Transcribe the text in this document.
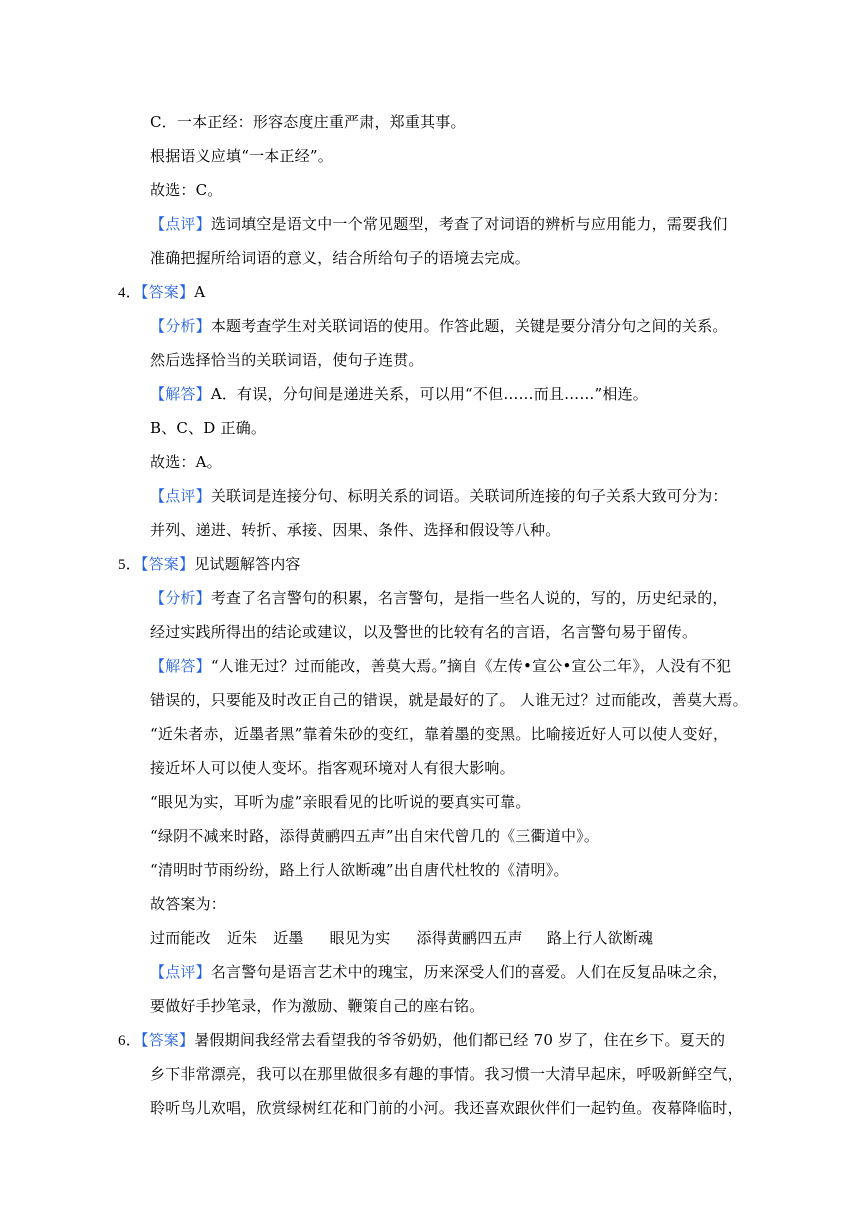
C．一本正经：形容态度庄重严肃，郑重其事。
根据语义应填“一本正经”。
故选：C。
【点评】选词填空是语文中一个常见题型，考查了对词语的辨析与应用能力，需要我们
准确把握所给词语的意义，结合所给句子的语境去完成。
4．【答案】A
【分析】本题考查学生对关联词语的使用。作答此题，关键是要分清分句之间的关系。
然后选择恰当的关联词语，使句子连贯。
【解答】A．有误，分句间是递进关系，可以用“不但……而且……”相连。
B、C、D 正确。
故选：A。
【点评】关联词是连接分句、标明关系的词语。关联词所连接的句子关系大致可分为：
并列、递进、转折、承接、因果、条件、选择和假设等八种。
5．【答案】见试题解答内容
【分析】考查了名言警句的积累，名言警句，是指一些名人说的，写的，历史纪录的，
经过实践所得出的结论或建议，以及警世的比较有名的言语，名言警句易于留传。
【解答】“人谁无过？过而能改，善莫大焉。”摘自《左传•宣公•宣公二年》，人没有不犯
错误的，只要能及时改正自己的错误，就是最好的了。 人谁无过？过而能改，善莫大焉。
“近朱者赤，近墨者黑”靠着朱砂的变红，靠着墨的变黑。比喻接近好人可以使人变好，
接近坏人可以使人变坏。指客观环境对人有很大影响。
“眼见为实，耳听为虚”亲眼看见的比听说的要真实可靠。
“绿阴不减来时路，添得黄鹂四五声”出自宋代曾几的《三衢道中》。
“清明时节雨纷纷，路上行人欲断魂”出自唐代杜牧的《清明》。
故答案为：
过而能改 近朱 近墨 眼见为实 添得黄鹂四五声 路上行人欲断魂
【点评】名言警句是语言艺术中的瑰宝，历来深受人们的喜爱。人们在反复品味之余，
要做好手抄笔录，作为激励、鞭策自己的座右铭。
6．【答案】暑假期间我经常去看望我的爷爷奶奶，他们都已经 70 岁了，住在乡下。夏天的
乡下非常漂亮，我可以在那里做很多有趣的事情。我习惯一大清早起床，呼吸新鲜空气，
聆听鸟儿欢唱，欣赏绿树红花和门前的小河。我还喜欢跟伙伴们一起钓鱼。夜幕降临时，
